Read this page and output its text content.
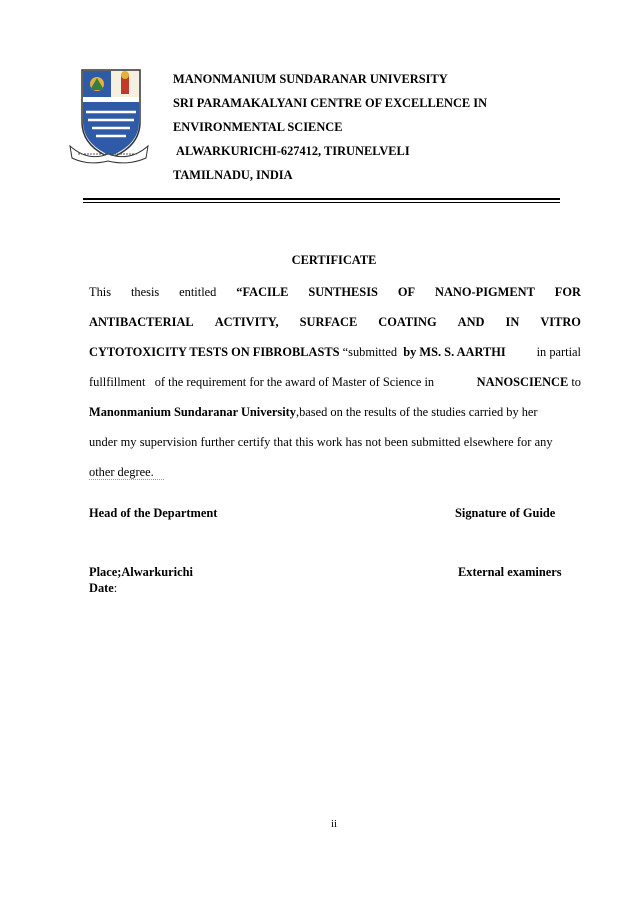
MANONMANIUM SUNDARANAR UNIVERSITY
SRI PARAMAKALYANI CENTRE OF EXCELLENCE IN
ENVIRONMENTAL SCIENCE
ALWARKURICHI-627412, TIRUNELVELI
TAMILNADU, INDIA
CERTIFICATE
This thesis entitled “FACILE SUNTHESIS OF NANO-PIGMENT FOR
ANTIBACTERIAL ACTIVITY, SURFACE COATING AND IN VITRO
CYTOTOXICITY TESTS ON FIBROBLASTS “submitted  by MS. S. AARTHI in partial
fullfillment   of the requirement for the award of Master of Science in	NANOSCIENCE to
Manonmanium Sundaranar University,based on the results of the studies carried by her
under my supervision further certify that this work has not been submitted elsewhere for any
other degree.
Head of the Department	Signature of Guide
Place;Alwarkurichi	External examiners
Date:
ii
